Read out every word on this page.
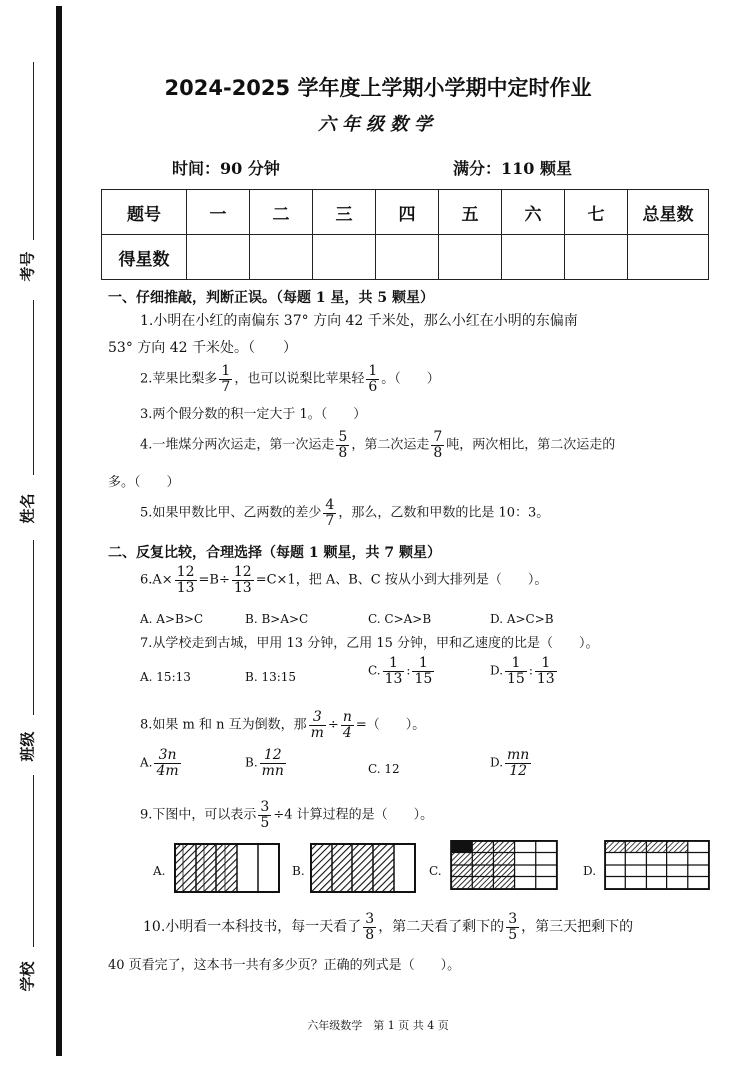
考号
姓名
班级
学校
2024-2025 学年度上学期小学期中定时作业
六年级数学
时间：90 分钟	满分：110 颗星
题号	一	二	三	四	五	六	七	总星数
得星数								
一、仔细推敲，判断正误。（每题 1 星，共 5 颗星）
1.小明在小红的南偏东 37° 方向 42 千米处，那么小红在小明的东偏南
53° 方向 42 千米处。（　　）
2.苹果比梨多 $\frac{1}{7}$ ，也可以说梨比苹果轻 $\frac{1}{6}$ 。（　　）
3.两个假分数的积一定大于 1。（　　）
4.一堆煤分两次运走，第一次运走 $\frac{5}{8}$ ，第二次运走 $\frac{7}{8}$ 吨，两次相比，第二次运走的
多。（　　）
5.如果甲数比甲、乙两数的差少 $\frac{4}{7}$ ，那么，乙数和甲数的比是 10：3。
二、反复比较，合理选择（每题 1 颗星，共 7 颗星）
$6.A\times \frac{12}{13} =B\div \frac{12}{13} =C\times 1$，把 A、B、C 按从小到大排列是（　　）。
A. A>B>C	B. B>A>C	C. C>A>B	D. A>C>B
7.从学校走到古城，甲用 13 分钟，乙用 15 分钟，甲和乙速度的比是（　　）。
A. 15:13	B. 13:15	C. $\frac{1}{13}$ : $\frac{1}{15}$	D. $\frac{1}{15}$ : $\frac{1}{13}$
8.如果 m 和 n 互为倒数，那 $\frac{3}{m} \div \frac{n}{4}$ =（　　）。
A. $\frac{3n}{4m}$	B. $\frac{12}{mn}$	C. 12	D. $\frac{mn}{12}$
9.下图中，可以表示 $\frac{3}{5} \div 4$ 计算过程的是（　　）。
A.	B.	C.	D.
10.小明看一本科技书，每一天看了 $\frac{3}{8}$ ，第二天看了剩下的 $\frac{3}{5}$ ，第三天把剩下的
40 页看完了，这本书一共有多少页？正确的列式是（　　）。
六年级数学　第 1 页 共 4 页
